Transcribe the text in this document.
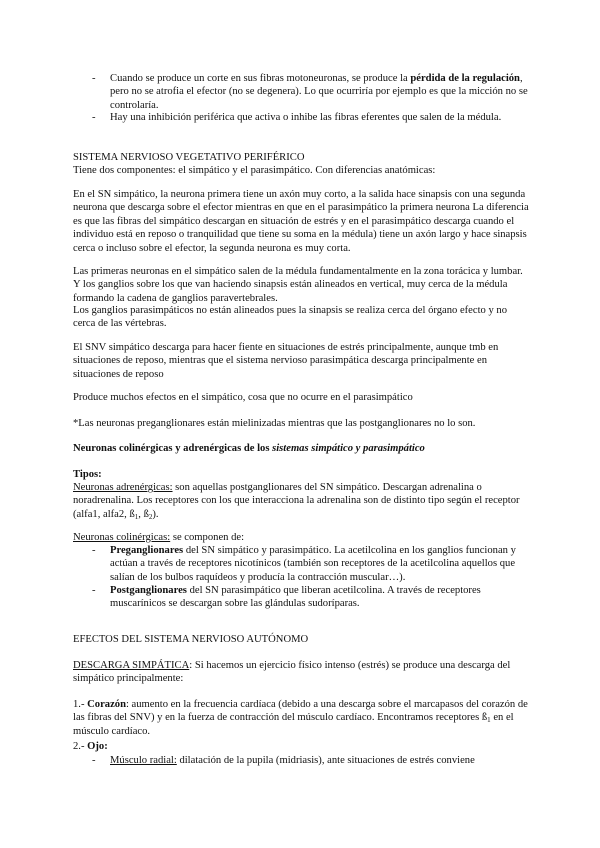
-	Cuando se produce un corte en sus fibras motoneuronas, se produce la pérdida de la regulación, pero no se atrofia el efector (no se degenera). Lo que ocurriría por ejemplo es que la micción no se controlaría.

-	Hay una inhibición periférica que activa o inhibe las fibras eferentes que salen de la médula.

SISTEMA NERVIOSO VEGETATIVO PERIFÉRICO

Tiene dos componentes: el simpático y el parasimpático. Con diferencias anatómicas:

En el SN simpático, la neurona primera tiene un axón muy corto, a la salida hace sinapsis con una segunda neurona que descarga sobre el efector mientras en que en el parasimpático la primera neurona La diferencia es que las fibras del simpático descargan en situación de estrés y en el parasimpático descarga cuando el individuo está en reposo o tranquilidad que tiene su soma en la médula) tiene un axón largo y hace sinapsis cerca o incluso sobre el efector, la segunda neurona es muy corta.

Las primeras neuronas en el simpático salen de la médula fundamentalmente en la zona torácica y lumbar. Y los ganglios sobre los que van haciendo sinapsis están alineados en vertical, muy cerca de la médula formando la cadena de ganglios paravertebrales.

Los ganglios parasimpáticos no están alineados pues la sinapsis se realiza cerca del órgano efecto y no cerca de las vértebras.

El SNV simpático descarga para hacer fiente en situaciones de estrés principalmente, aunque tmb en situaciones de reposo, mientras que el sistema nervioso parasimpática descarga principalmente en situaciones de reposo

Produce muchos efectos en el simpático, cosa que no ocurre en el parasimpático

*Las neuronas preganglionares están mielinizadas mientras que las postganglionares no lo son.

Neuronas colinérgicas y adrenérgicas de los sistemas simpático y parasimpático

Tipos:

Neuronas adrenérgicas: son aquellas postganglionares del SN simpático. Descargan adrenalina o noradrenalina. Los receptores con los que interacciona la adrenalina son de distinto tipo según el receptor (alfa1, alfa2, $ß_1$, $ß_2$).

Neuronas colinérgicas: se componen de:

-	Preganglionares del SN simpático y parasimpático. La acetilcolina en los ganglios funcionan y actúan a través de receptores nicotínicos (también son receptores de la acetilcolina aquellos que salían de los bulbos raquídeos y producía la contracción muscular…).

-	Postganglionares del SN parasimpático que liberan acetilcolina. A través de receptores muscarínicos se descargan sobre las glándulas sudoríparas.

EFECTOS DEL SISTEMA NERVIOSO AUTÓNOMO

DESCARGA SIMPÁTICA: Si hacemos un ejercicio físico intenso (estrés) se produce una descarga del simpático principalmente:

1.- Corazón: aumento en la frecuencia cardíaca (debido a una descarga sobre el marcapasos del corazón de las fibras del SNV) y en la fuerza de contracción del músculo cardíaco. Encontramos receptores $ß_1$ en el músculo cardíaco.

2.- Ojo:

-	Músculo radial: dilatación de la pupila (midriasis), ante situaciones de estrés conviene
